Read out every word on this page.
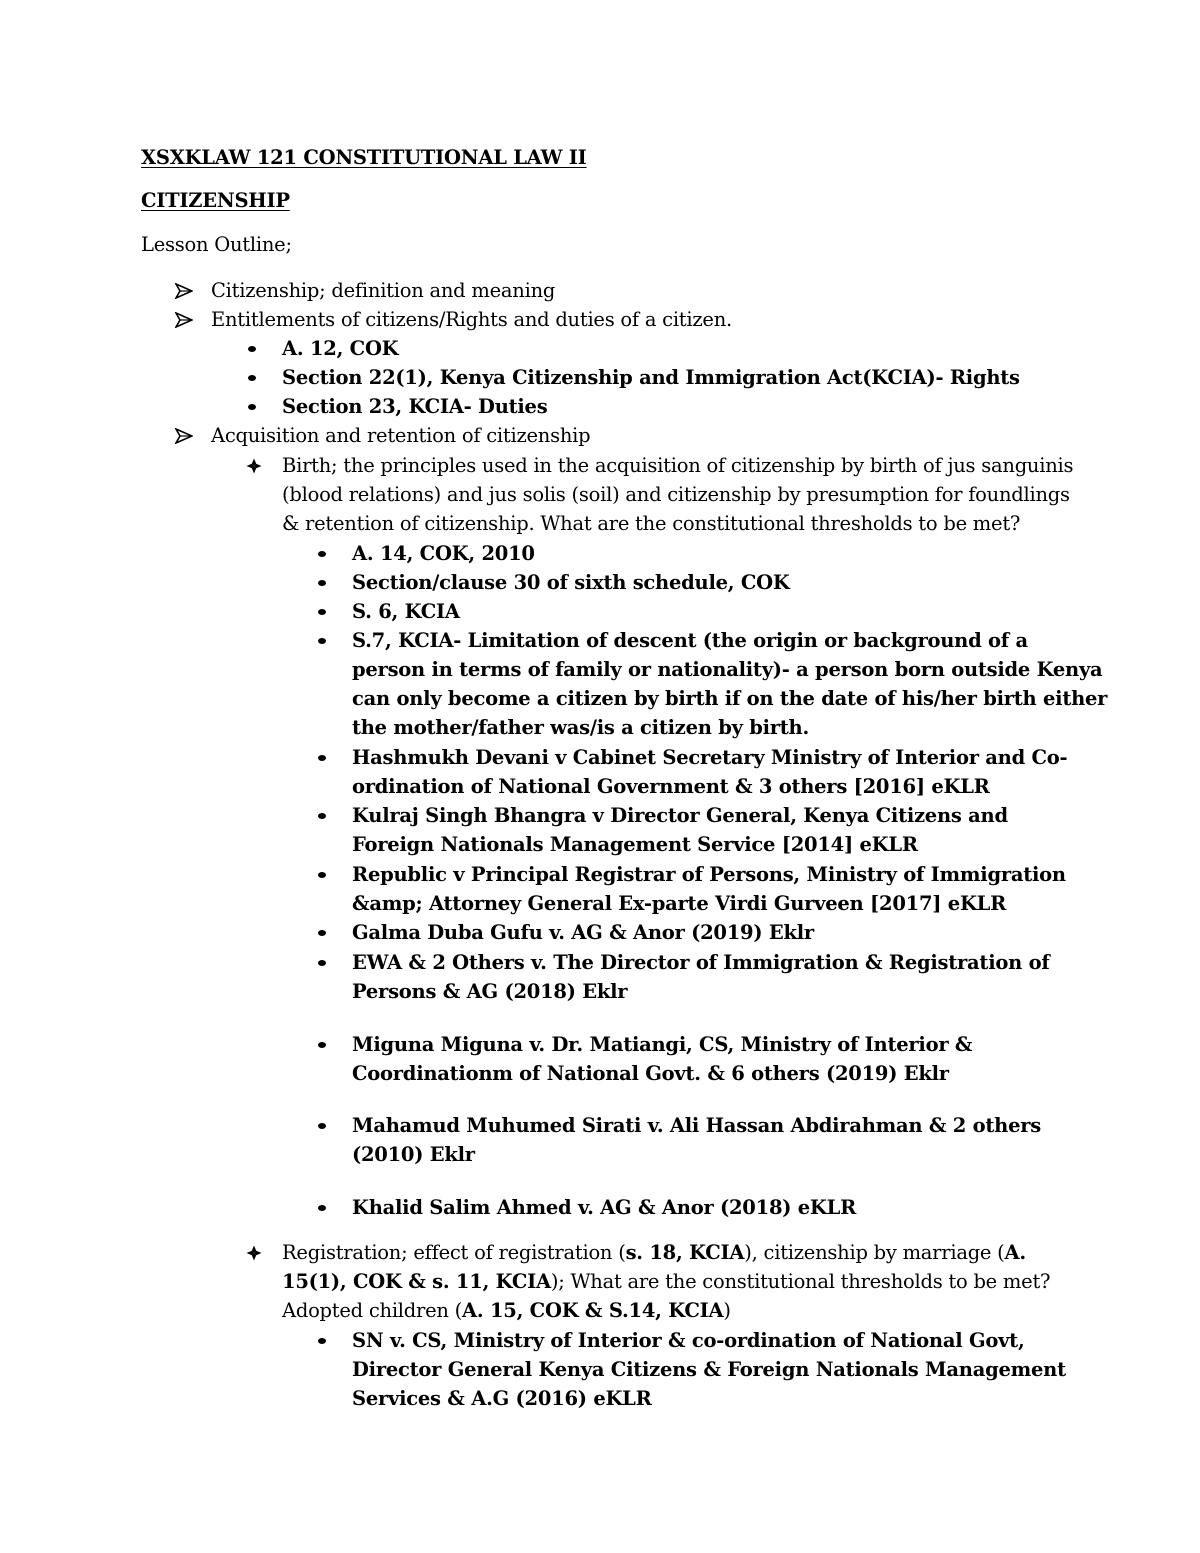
XSXKLAW 121 CONSTITUTIONAL LAW II
CITIZENSHIP
Lesson Outline;
Citizenship; definition and meaning
Entitlements of citizens/Rights and duties of a citizen.
A. 12, COK
Section 22(1), Kenya Citizenship and Immigration Act(KCIA)- Rights
Section 23, KCIA- Duties
Acquisition and retention of citizenship
Birth; the principles used in the acquisition of citizenship by birth of jus sanguinis
(blood relations) and jus solis (soil) and citizenship by presumption for foundlings
& retention of citizenship. What are the constitutional thresholds to be met?
A. 14, COK, 2010
Section/clause 30 of sixth schedule, COK
S. 6, KCIA
S.7, KCIA- Limitation of descent (the origin or background of a
person in terms of family or nationality)- a person born outside Kenya
can only become a citizen by birth if on the date of his/her birth either
the mother/father was/is a citizen by birth.
Hashmukh Devani v Cabinet Secretary Ministry of Interior and Co-
ordination of National Government & 3 others [2016] eKLR
Kulraj Singh Bhangra v Director General, Kenya Citizens and
Foreign Nationals Management Service [2014] eKLR
Republic v Principal Registrar of Persons, Ministry of Immigration
&amp; Attorney General Ex-parte Virdi Gurveen [2017] eKLR
Galma Duba Gufu v. AG & Anor (2019) Eklr
EWA & 2 Others v. The Director of Immigration & Registration of
Persons & AG (2018) Eklr
Miguna Miguna v. Dr. Matiangi, CS, Ministry of Interior &
Coordinationm of National Govt. & 6 others (2019) Eklr
Mahamud Muhumed Sirati v. Ali Hassan Abdirahman & 2 others
(2010) Eklr
Khalid Salim Ahmed v. AG & Anor (2018) eKLR
Registration; effect of registration (s. 18, KCIA), citizenship by marriage (A.
15(1), COK & s. 11, KCIA); What are the constitutional thresholds to be met?
Adopted children (A. 15, COK & S.14, KCIA)
SN v. CS, Ministry of Interior & co-ordination of National Govt,
Director General Kenya Citizens & Foreign Nationals Management
Services & A.G (2016) eKLR
